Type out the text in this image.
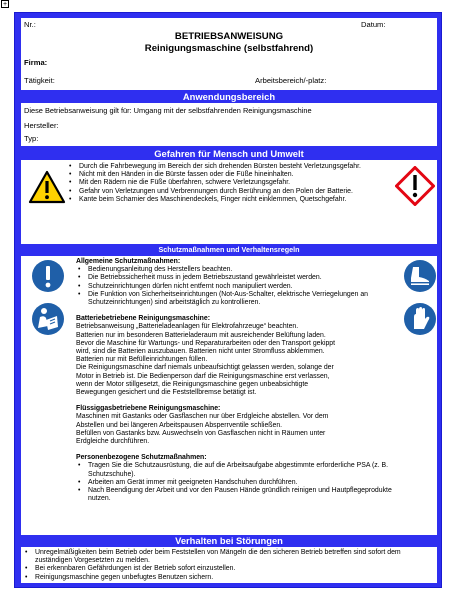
+
Nr.:	Datum:
BETRIEBSANWEISUNG
Reinigungsmaschine (selbstfahrend)
Firma:
Tätigkeit:	Arbeitsbereich/-platz:
Anwendungsbereich
Diese Betriebsanweisung gilt für: Umgang mit der selbstfahrenden Reinigungsmaschine
Hersteller:
Typ:
Gefahren für Mensch und Umwelt
• Durch die Fahrbewegung im Bereich der sich drehenden Bürsten besteht Verletzungsgefahr.
• Nicht mit den Händen in die Bürste fassen oder die Füße hineinhalten.
• Mit den Rädern nie die Füße überfahren, schwere Verletzungsgefahr.
• Gefahr von Verletzungen und Verbrennungen durch Berührung an den Polen der Batterie.
• Kante beim Scharnier des Maschinendeckels, Finger nicht einklemmen, Quetschgefahr.
Schutzmaßnahmen und Verhaltensregeln
Allgemeine Schutzmaßnahmen:
• Bedienungsanleitung des Herstellers beachten.
• Die Betriebssicherheit muss in jedem Betriebszustand gewährleistet werden.
• Schutzeinrichtungen dürfen nicht entfernt noch manipuliert werden.
• Die Funktion von Sicherheitseinrichtungen (Not-Aus-Schalter, elektrische Verriegelungen an Schutzeinrichtungen) sind arbeitstäglich zu kontrollieren.
Batteriebetriebene Reinigungsmaschine:
Betriebsanweisung „Batterieladeanlagen für Elektrofahrzeuge“ beachten.
Batterien nur im besonderen Batterieladeraum mit ausreichender Belüftung laden.
Bevor die Maschine für Wartungs- und Reparaturarbeiten oder den Transport gekippt
wird, sind die Batterien auszubauen. Batterien nicht unter Stromfluss abklemmen.
Batterien nur mit Befülleinrichtungen füllen.
Die Reinigungsmaschine darf niemals unbeaufsichtigt gelassen werden, solange der
Motor in Betrieb ist. Die Bedienperson darf die Reinigungsmaschine erst verlassen,
wenn der Motor stillgesetzt, die Reinigungsmaschine gegen unbeabsichtigte
Bewegungen gesichert und die Feststellbremse betätigt ist.
Flüssiggasbetriebene Reinigungsmaschine:
Maschinen mit Gastanks oder Gasflaschen nur über Erdgleiche abstellen. Vor dem
Abstellen und bei längeren Arbeitspausen Absperrventile schließen.
Befüllen von Gastanks bzw. Auswechseln von Gasflaschen nicht in Räumen unter
Erdgleiche durchführen.
Personenbezogene Schutzmaßnahmen:
• Tragen Sie die Schutzausrüstung, die auf die Arbeitsaufgabe abgestimmte erforderliche PSA (z. B. Schutzschuhe).
• Arbeiten am Gerät immer mit geeigneten Handschuhen durchführen.
• Nach Beendigung der Arbeit und vor den Pausen Hände gründlich reinigen und Hautpflegeprodukte nutzen.
Verhalten bei Störungen
• Unregelmäßigkeiten beim Betrieb oder beim Feststellen von Mängeln die den sicheren Betrieb betreffen sind sofort dem zuständigen Vorgesetzten zu melden.
• Bei erkennbaren Gefährdungen ist der Betrieb sofort einzustellen.
• Reinigungsmaschine gegen unbefugtes Benutzen sichern.
